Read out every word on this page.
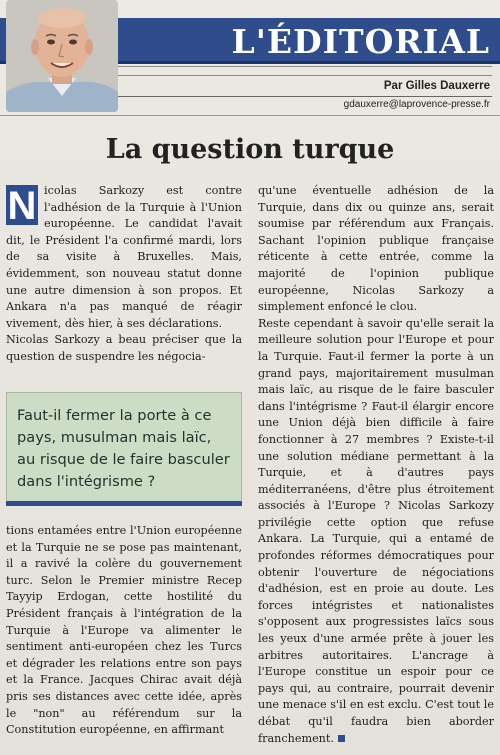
L'ÉDITORIAL
Par Gilles Dauxerre
gdauxerre@laprovence-presse.fr
La question turque
N icolas Sarkozy est contre l'adhésion de la Turquie à l'Union européenne. Le candidat l'avait dit, le Président l'a confirmé mardi, lors de sa visite à Bruxelles. Mais, évidemment, son nouveau statut donne une autre dimension à son propos. Et Ankara n'a pas manqué de réagir vivement, dès hier, à ses déclarations.

Nicolas Sarkozy a beau préciser que la question de suspendre les négocia-

Faut-il fermer la porte à ce pays, musulman mais laïc, au risque de le faire basculer dans l'intégrisme ?

tions entamées entre l'Union européenne et la Turquie ne se pose pas maintenant, il a ravivé la colère du gouvernement turc. Selon le Premier ministre Recep Tayyip Erdogan, cette hostilité du Président français à l'intégration de la Turquie à l'Europe va alimenter le sentiment anti-européen chez les Turcs et dégrader les relations entre son pays et la France. Jacques Chirac avait déjà pris ses distances avec cette idée, après le "non" au référendum sur la Constitution européenne, en affirmant

qu'une éventuelle adhésion de la Turquie, dans dix ou quinze ans, serait soumise par référendum aux Français. Sachant l'opinion publique française réticente à cette entrée, comme la majorité de l'opinion publique européenne, Nicolas Sarkozy a simplement enfoncé le clou.

Reste cependant à savoir qu'elle serait la meilleure solution pour l'Europe et pour la Turquie. Faut-il fermer la porte à un grand pays, majoritairement musulman mais laïc, au risque de le faire basculer dans l'intégrisme ? Faut-il élargir encore une Union déjà bien difficile à faire fonctionner à 27 membres ? Existe-t-il une solution médiane permettant à la Turquie, et à d'autres pays méditerranéens, d'être plus étroitement associés à l'Europe ? Nicolas Sarkozy privilégie cette option que refuse Ankara. La Turquie, qui a entamé de profondes réformes démocratiques pour obtenir l'ouverture de négociations d'adhésion, est en proie au doute. Les forces intégristes et nationalistes s'opposent aux progressistes laïcs sous les yeux d'une armée prête à jouer les arbitres autoritaires. L'ancrage à l'Europe constitue un espoir pour ce pays qui, au contraire, pourrait devenir une menace s'il en est exclu. C'est tout le débat qu'il faudra bien aborder franchement.
